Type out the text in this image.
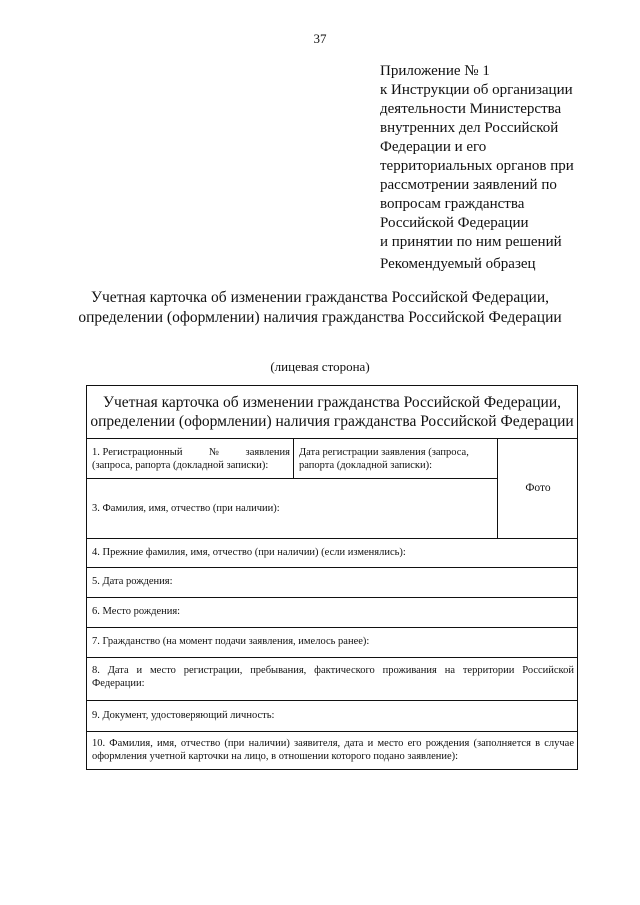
37
Приложение № 1
к Инструкции об организации
деятельности Министерства
внутренних дел Российской
Федерации и его
территориальных органов при
рассмотрении заявлений по
вопросам гражданства
Российской Федерации
и принятии по ним решений
Рекомендуемый образец
Учетная карточка об изменении гражданства Российской Федерации,
определении (оформлении) наличия гражданства Российской Федерации
(лицевая сторона)
Учетная карточка об изменении гражданства Российской Федерации,
определении (оформлении) наличия гражданства Российской Федерации
1. Регистрационный	№	заявления
(запроса, рапорта (докладной записки):
Дата регистрации заявления (запроса, рапорта (докладной записки):
Фото
3. Фамилия, имя, отчество (при наличии):
4. Прежние фамилия, имя, отчество (при наличии) (если изменялись):
5. Дата рождения:
6. Место рождения:
7. Гражданство (на момент подачи заявления, имелось ранее):
8. Дата и место регистрации, пребывания, фактического проживания на территории Российской Федерации:
9. Документ, удостоверяющий личность:
10. Фамилия, имя, отчество (при наличии) заявителя, дата и место его рождения (заполняется в случае оформления учетной карточки на лицо, в отношении которого подано заявление):
